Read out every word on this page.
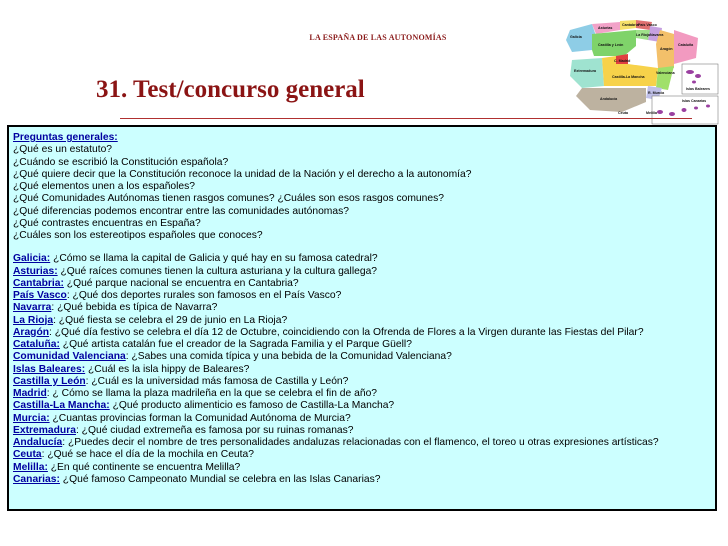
LA ESPAÑA DE LAS AUTONOMÍAS
Cantabria
Asturias
Galicia
País Vasco
Navarra
La Rioja
Castilla y León
Aragón
Cataluña
C. Madrid
Extremadura
Castilla-La Mancha
Valenciana
Islas Baleares
R. Murcia
Andalucía	Islas Canarias
Ceuta	Melilla
31. Test/concurso general
Preguntas generales:
¿Qué es un estatuto?
¿Cuándo se escribió la Constitución española?
¿Qué quiere decir que la Constitución reconoce la unidad de la Nación y el derecho a la autonomía?
¿Qué elementos unen a los españoles?
¿Qué Comunidades Autónomas tienen rasgos comunes? ¿Cuáles son esos rasgos comunes?
¿Qué diferencias podemos encontrar entre las comunidades autónomas?
¿Qué contrastes encuentras en España?
¿Cuáles son los estereotipos españoles que conoces?
Galicia: ¿Cómo se llama la capital de Galicia y qué hay en su famosa catedral?
Asturias: ¿Qué raíces comunes tienen la cultura asturiana y la cultura gallega?
Cantabria: ¿Qué parque nacional se encuentra en Cantabria?
País Vasco: ¿Qué dos deportes rurales son famosos en el País Vasco?
Navarra: ¿Qué bebida es típica de Navarra?
La Rioja: ¿Qué fiesta se celebra el 29 de junio en La Rioja?
Aragón: ¿Qué día festivo se celebra el día 12 de Octubre, coincidiendo con la Ofrenda de Flores a la Virgen durante las Fiestas del Pilar?
Cataluña: ¿Qué artista catalán fue el creador de la Sagrada Familia y el Parque Güell?
Comunidad Valenciana: ¿Sabes una comida típica y una bebida de la Comunidad Valenciana?
Islas Baleares: ¿Cuál es la isla hippy de Baleares?
Castilla y León: ¿Cuál es la universidad más famosa de Castilla y León?
Madrid: ¿ Cómo se llama la plaza madrileña en la que se celebra el fin de año?
Castilla-La Mancha: ¿Qué producto alimenticio es famoso de Castilla-La Mancha?
Murcia: ¿Cuantas provincias forman la Comunidad Autónoma de Murcia?
Extremadura: ¿Qué ciudad extremeña es famosa por su ruinas romanas?
Andalucía: ¿Puedes decir el nombre de tres personalidades andaluzas relacionadas con el flamenco, el toreo u otras expresiones artísticas?
Ceuta: ¿Qué se hace el día de la mochila en Ceuta?
Melilla: ¿En qué continente se encuentra Melilla?
Canarias: ¿Qué famoso Campeonato Mundial se celebra en las Islas Canarias?
